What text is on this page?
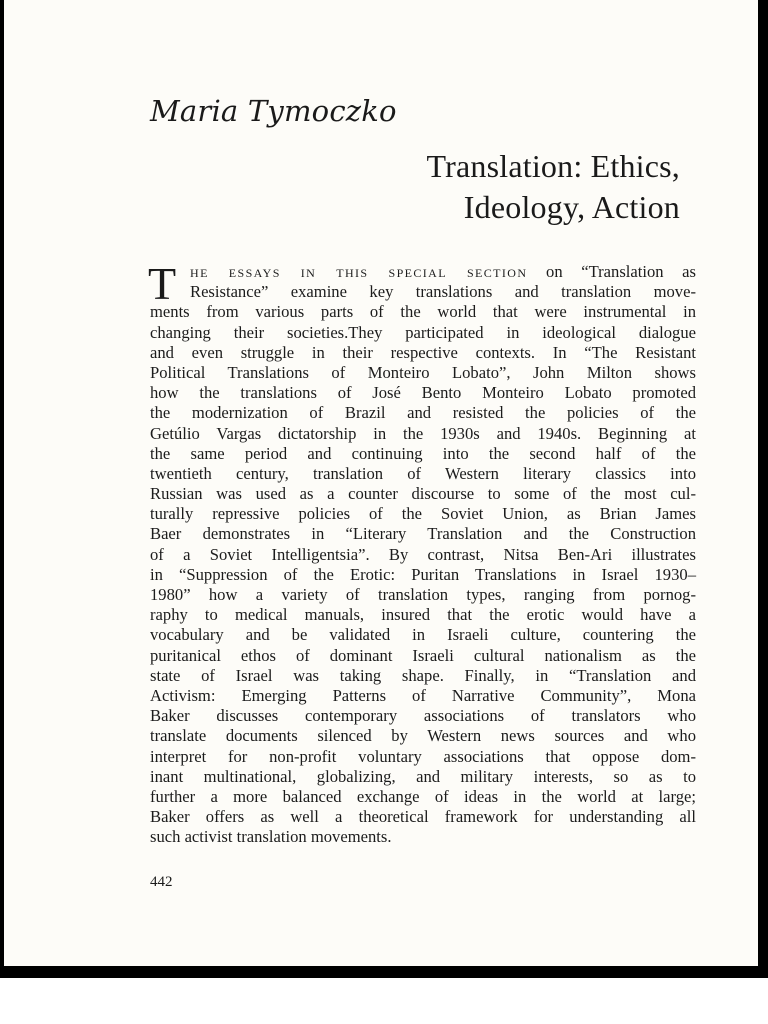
Maria Tymoczko
Translation: Ethics,
Ideology, Action
T he essays in this special section on “Translation as
Resistance” examine key translations and translation move-
ments from various parts of the world that were instrumental in
changing their societies.They participated in ideological dialogue
and even struggle in their respective contexts. In “The Resistant
Political Translations of Monteiro Lobato”, John Milton shows
how the translations of José Bento Monteiro Lobato promoted
the modernization of Brazil and resisted the policies of the
Getúlio Vargas dictatorship in the 1930s and 1940s. Beginning at
the same period and continuing into the second half of the
twentieth century, translation of Western literary classics into
Russian was used as a counter discourse to some of the most cul-
turally repressive policies of the Soviet Union, as Brian James
Baer demonstrates in “Literary Translation and the Construction
of a Soviet Intelligentsia”. By contrast, Nitsa Ben-Ari illustrates
in “Suppression of the Erotic: Puritan Translations in Israel 1930–
1980” how a variety of translation types, ranging from pornog-
raphy to medical manuals, insured that the erotic would have a
vocabulary and be validated in Israeli culture, countering the
puritanical ethos of dominant Israeli cultural nationalism as the
state of Israel was taking shape. Finally, in “Translation and
Activism: Emerging Patterns of Narrative Community”, Mona
Baker discusses contemporary associations of translators who
translate documents silenced by Western news sources and who
interpret for non-profit voluntary associations that oppose dom-
inant multinational, globalizing, and military interests, so as to
further a more balanced exchange of ideas in the world at large;
Baker offers as well a theoretical framework for understanding all
such activist translation movements.
442
